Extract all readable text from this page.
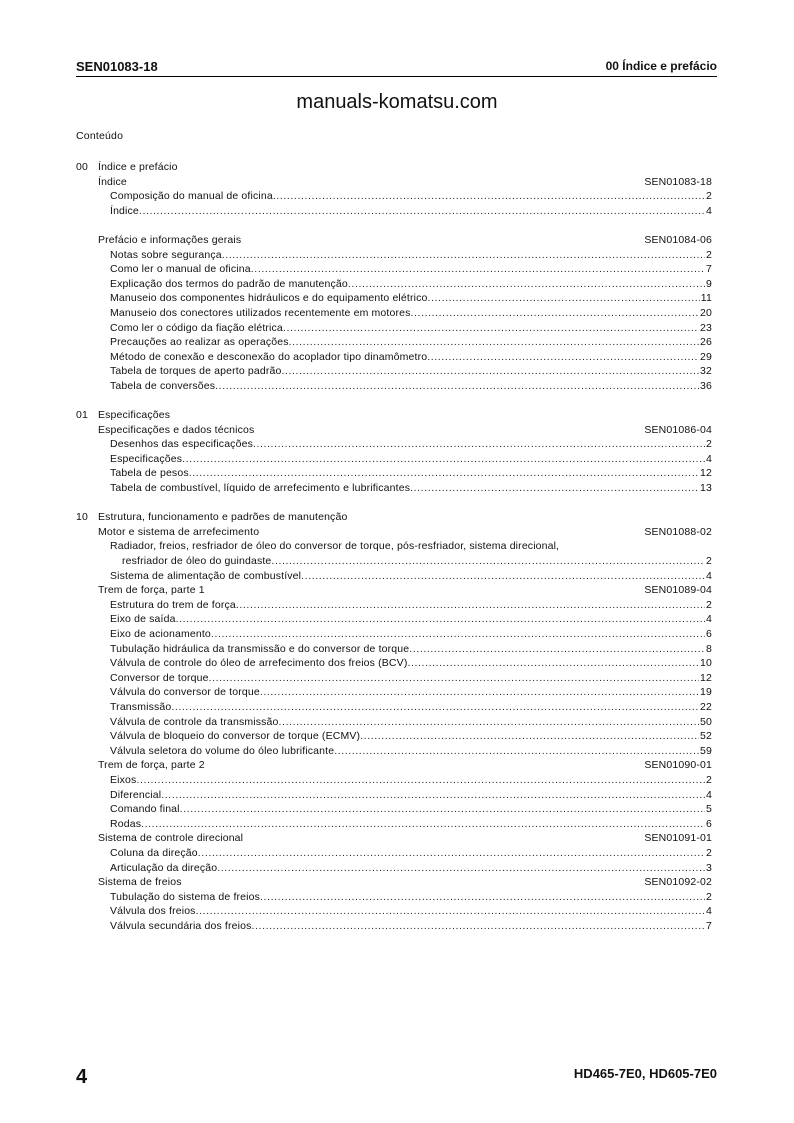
SEN01083-18	00 Índice e prefácio
manuals-komatsu.com
Conteúdo
00 Índice e prefácio
Índice	SEN01083-18
Composição do manual de oficina .....	2
Índice .....	4
Prefácio e informações gerais	SEN01084-06
Notas sobre segurança .....	2
Como ler o manual de oficina .....	7
Explicação dos termos do padrão de manutenção .....	9
Manuseio dos componentes hidráulicos e do equipamento elétrico .....	11
Manuseio dos conectores utilizados recentemente em motores .....	20
Como ler o código da fiação elétrica .....	23
Precauções ao realizar as operações .....	26
Método de conexão e desconexão do acoplador tipo dinamômetro .....	29
Tabela de torques de aperto padrão .....	32
Tabela de conversões .....	36
01 Especificações
Especificações e dados técnicos	SEN01086-04
Desenhos das especificações .....	2
Especificações .....	4
Tabela de pesos .....	12
Tabela de combustível, líquido de arrefecimento e lubrificantes .....	13
10 Estrutura, funcionamento e padrões de manutenção
Motor e sistema de arrefecimento	SEN01088-02
Radiador, freios, resfriador de óleo do conversor de torque, pós-resfriador, sistema direcional,
resfriador de óleo do guindaste .....	2
Sistema de alimentação de combustível .....	4
Trem de força, parte 1	SEN01089-04
Estrutura do trem de força .....	2
Eixo de saída .....	4
Eixo de acionamento .....	6
Tubulação hidráulica da transmissão e do conversor de torque .....	8
Válvula de controle do óleo de arrefecimento dos freios (BCV) .....	10
Conversor de torque .....	12
Válvula do conversor de torque .....	19
Transmissão .....	22
Válvula de controle da transmissão .....	50
Válvula de bloqueio do conversor de torque (ECMV) .....	52
Válvula seletora do volume do óleo lubrificante .....	59
Trem de força, parte 2	SEN01090-01
Eixos .....	2
Diferencial .....	4
Comando final .....	5
Rodas .....	6
Sistema de controle direcional	SEN01091-01
Coluna da direção .....	2
Articulação da direção .....	3
Sistema de freios	SEN01092-02
Tubulação do sistema de freios .....	2
Válvula dos freios .....	4
Válvula secundária dos freios .....	7
4	HD465-7E0, HD605-7E0
